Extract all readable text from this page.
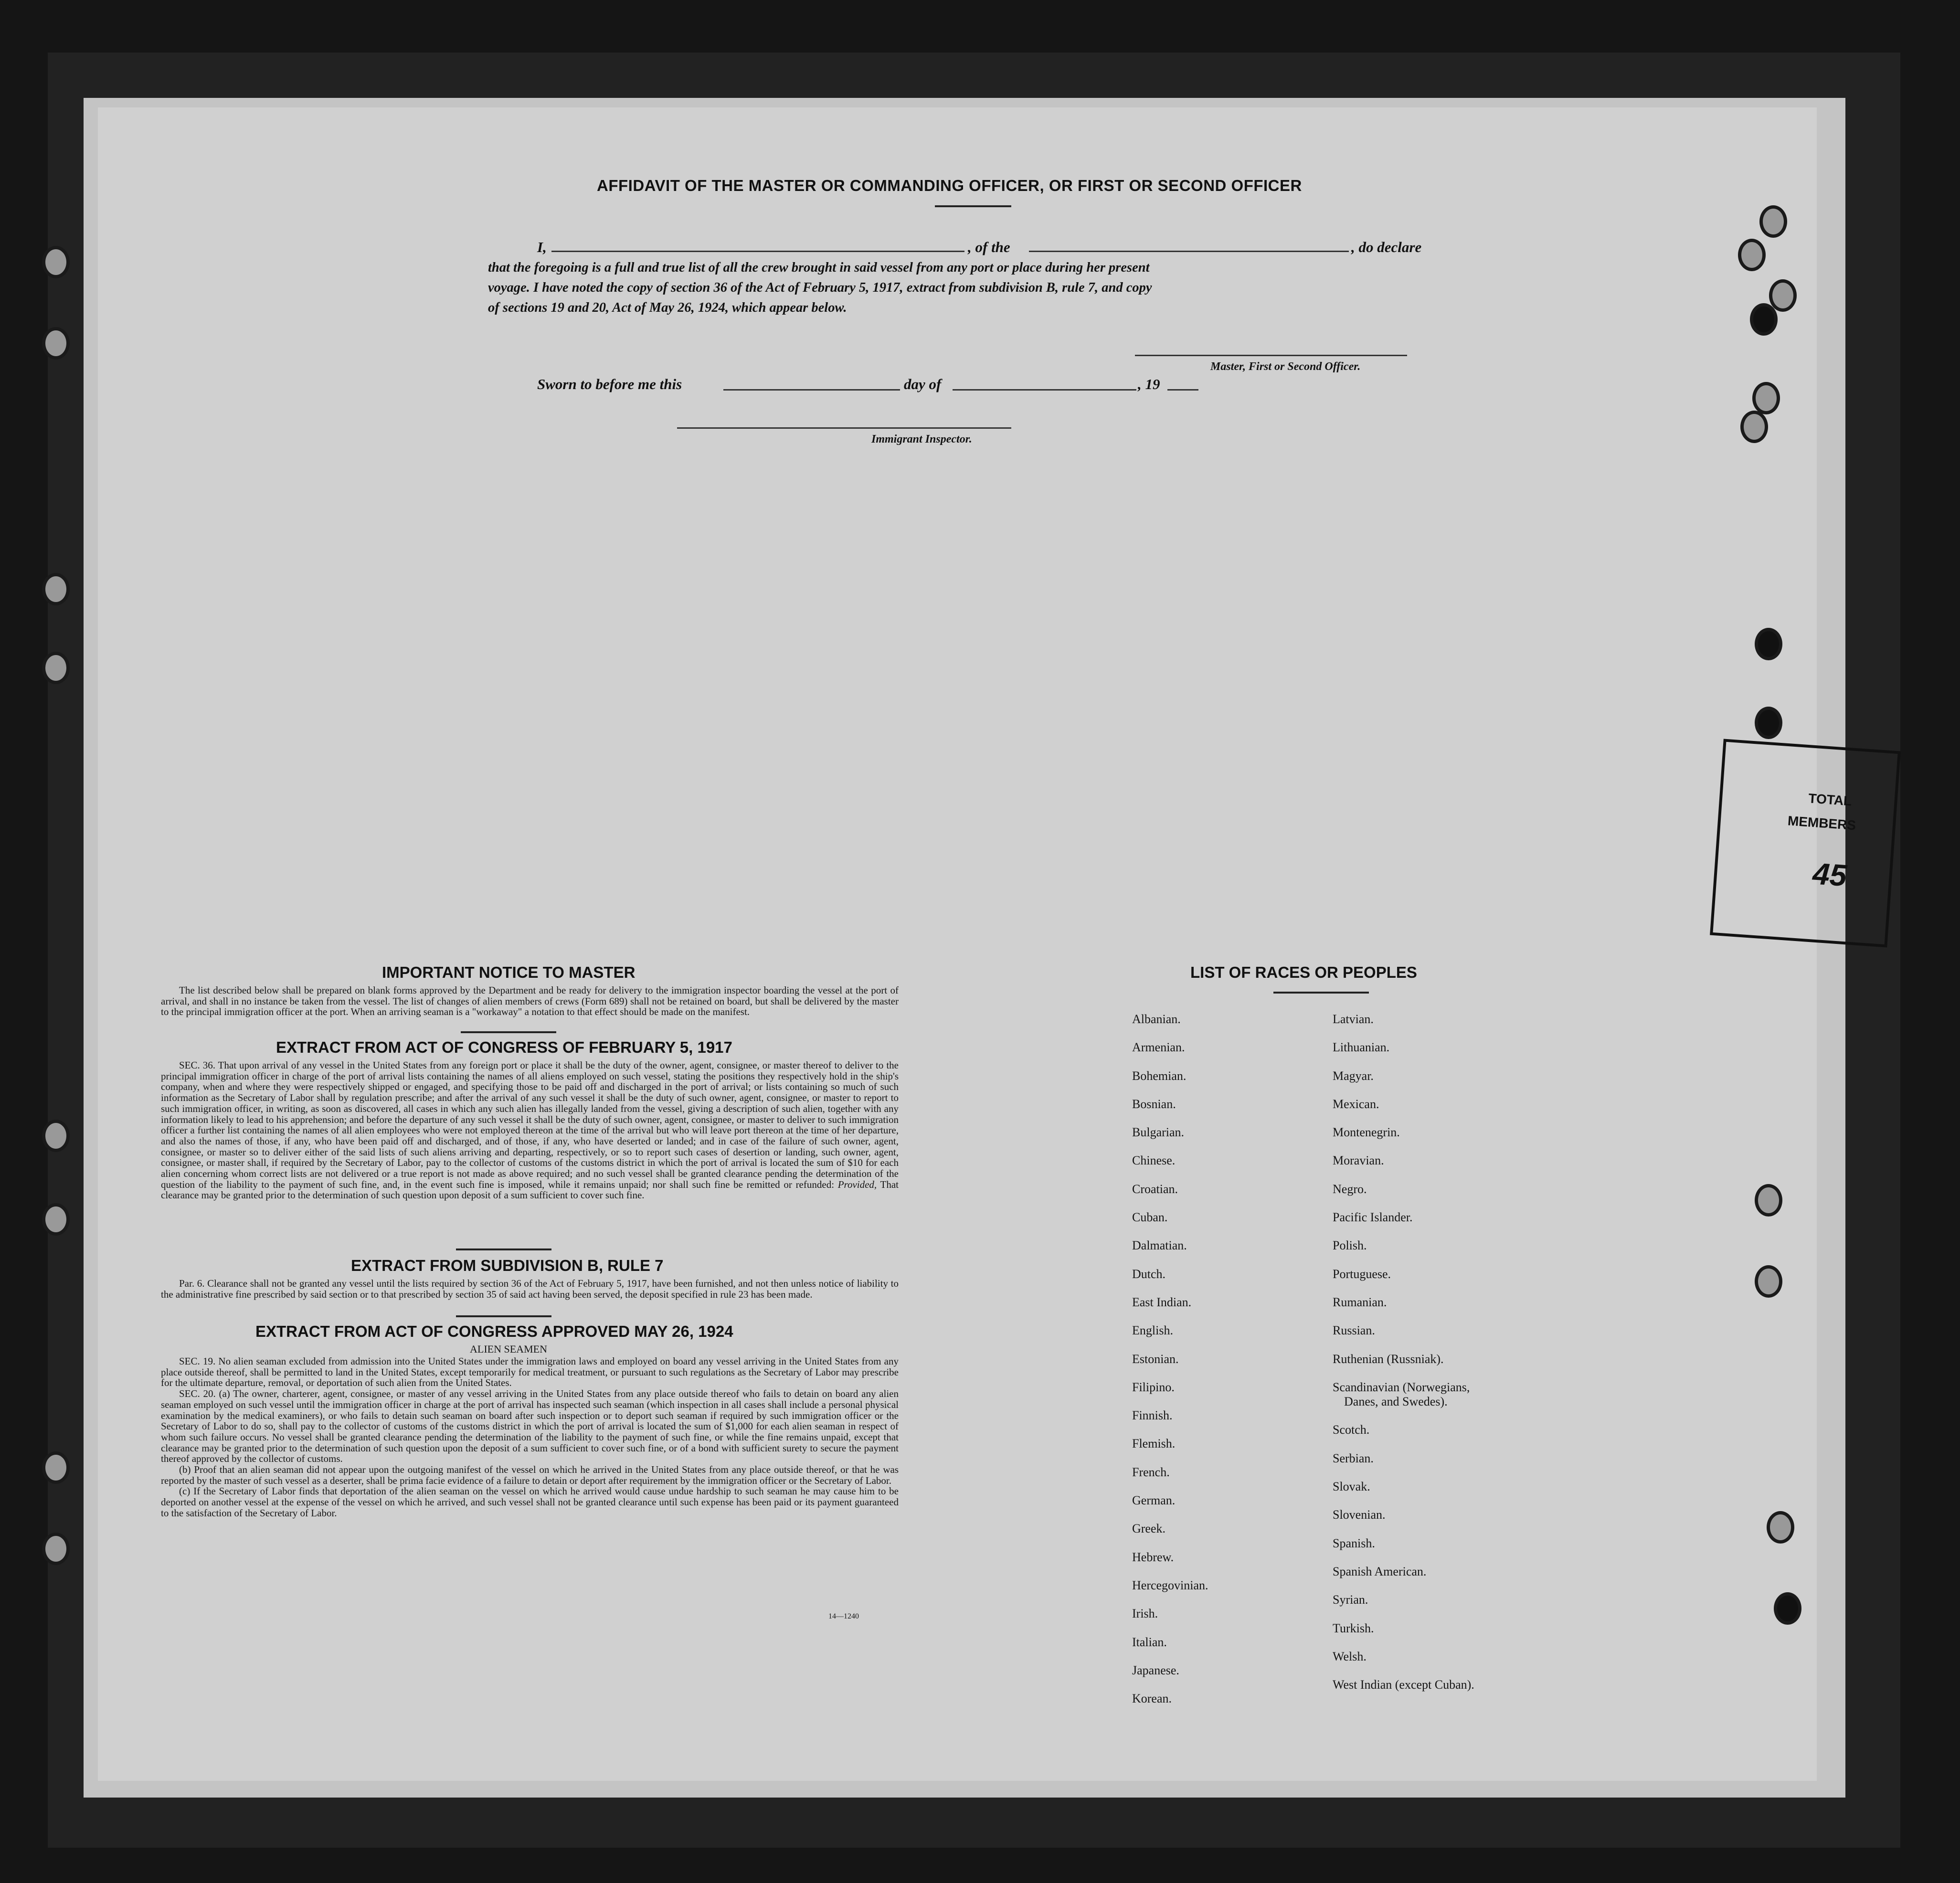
AFFIDAVIT OF THE MASTER OR COMMANDING OFFICER, OR FIRST OR SECOND OFFICER
I,	, of the	, do declare
that the foregoing is a full and true list of all the crew brought in said vessel from any port or place during her present
voyage. I have noted the copy of section 36 of the Act of February 5, 1917, extract from subdivision B, rule 7, and copy
of sections 19 and 20, Act of May 26, 1924, which appear below.
Master, First or Second Officer.
Sworn to before me this	day of	, 19
Immigrant Inspector.
IMPORTANT NOTICE TO MASTER
The list described below shall be prepared on blank forms approved by the Department and be ready for delivery to the immigration inspector boarding the vessel at the port of arrival, and shall in no instance be taken from the vessel. The list of changes of alien members of crews (Form 689) shall not be retained on board, but shall be delivered by the master to the principal immigration officer at the port. When an arriving seaman is a "workaway" a notation to that effect should be made on the manifest.
EXTRACT FROM ACT OF CONGRESS OF FEBRUARY 5, 1917

SEC. 36. That upon arrival of any vessel in the United States from any foreign port or place it shall be the duty of the owner, agent, consignee, or master thereof to deliver to the principal immigration officer in charge of the port of arrival lists containing the names of all aliens employed on such vessel, stating the positions they respectively hold in the ship's company, when and where they were respectively shipped or engaged, and specifying those to be paid off and discharged in the port of arrival; or lists containing so much of such information as the Secretary of Labor shall by regulation prescribe; and after the arrival of any such vessel it shall be the duty of such owner, agent, consignee, or master to report to such immigration officer, in writing, as soon as discovered, all cases in which any such alien has illegally landed from the vessel, giving a description of such alien, together with any information likely to lead to his apprehension; and before the departure of any such vessel it shall be the duty of such owner, agent, consignee, or master to deliver to such immigration officer a further list containing the names of all alien employees who were not employed thereon at the time of the arrival but who will leave port thereon at the time of her departure, and also the names of those, if any, who have been paid off and discharged, and of those, if any, who have deserted or landed; and in case of the failure of such owner, agent, consignee, or master so to deliver either of the said lists of such aliens arriving and departing, respectively, or so to report such cases of desertion or landing, such owner, agent, consignee, or master shall, if required by the Secretary of Labor, pay to the collector of customs of the customs district in which the port of arrival is located the sum of $10 for each alien concerning whom correct lists are not delivered or a true report is not made as above required; and no such vessel shall be granted clearance pending the determination of the question of the liability to the payment of such fine, and, in the event such fine is imposed, while it remains unpaid; nor shall such fine be remitted or refunded: Provided, That clearance may be granted prior to the determination of such question upon deposit of a sum sufficient to cover such fine.

EXTRACT FROM SUBDIVISION B, RULE 7

Par. 6. Clearance shall not be granted any vessel until the lists required by section 36 of the Act of February 5, 1917, have been furnished, and not then unless notice of liability to the administrative fine prescribed by said section or to that prescribed by section 35 of said act having been served, the deposit specified in rule 23 has been made.

EXTRACT FROM ACT OF CONGRESS APPROVED MAY 26, 1924
ALIEN SEAMEN

SEC. 19. No alien seaman excluded from admission into the United States under the immigration laws and employed on board any vessel arriving in the United States from any place outside thereof, shall be permitted to land in the United States, except temporarily for medical treatment, or pursuant to such regulations as the Secretary of Labor may prescribe for the ultimate departure, removal, or deportation of such alien from the United States.

SEC. 20. (a) The owner, charterer, agent, consignee, or master of any vessel arriving in the United States from any place outside thereof who fails to detain on board any alien seaman employed on such vessel until the immigration officer in charge at the port of arrival has inspected such seaman (which inspection in all cases shall include a personal physical examination by the medical examiners), or who fails to detain such seaman on board after such inspection or to deport such seaman if required by such immigration officer or the Secretary of Labor to do so, shall pay to the collector of customs of the customs district in which the port of arrival is located the sum of $1,000 for each alien seaman in respect of whom such failure occurs. No vessel shall be granted clearance pending the determination of the liability to the payment of such fine, or while the fine remains unpaid, except that clearance may be granted prior to the determination of such question upon the deposit of a sum sufficient to cover such fine, or of a bond with sufficient surety to secure the payment thereof approved by the collector of customs.

(b) Proof that an alien seaman did not appear upon the outgoing manifest of the vessel on which he arrived in the United States from any place outside thereof, or that he was reported by the master of such vessel as a deserter, shall be prima facie evidence of a failure to detain or deport after requirement by the immigration officer or the Secretary of Labor.

(c) If the Secretary of Labor finds that deportation of the alien seaman on the vessel on which he arrived would cause undue hardship to such seaman he may cause him to be deported on another vessel at the expense of the vessel on which he arrived, and such vessel shall not be granted clearance until such expense has been paid or its payment guaranteed to the satisfaction of the Secretary of Labor.

14—1240
LIST OF RACES OR PEOPLES
Albanian.
Armenian.
Bohemian.
Bosnian.
Bulgarian.
Chinese.
Croatian.
Cuban.
Dalmatian.
Dutch.
East Indian.
English.
Estonian.
Filipino.
Finnish.
Flemish.
French.
German.
Greek.
Hebrew.
Hercegovinian.
Irish.
Italian.
Japanese.
Korean.
Latvian.
Lithuanian.
Magyar.
Mexican.
Montenegrin.
Moravian.
Negro.
Pacific Islander.
Polish.
Portuguese.
Rumanian.
Russian.
Ruthenian (Russniak).
Scandinavian (Norwegians,
Danes, and Swedes).
Scotch.
Serbian.
Slovak.
Slovenian.
Spanish.
Spanish American.
Syrian.
Turkish.
Welsh.
West Indian (except Cuban).
TOTAL
MEMBERS
45
